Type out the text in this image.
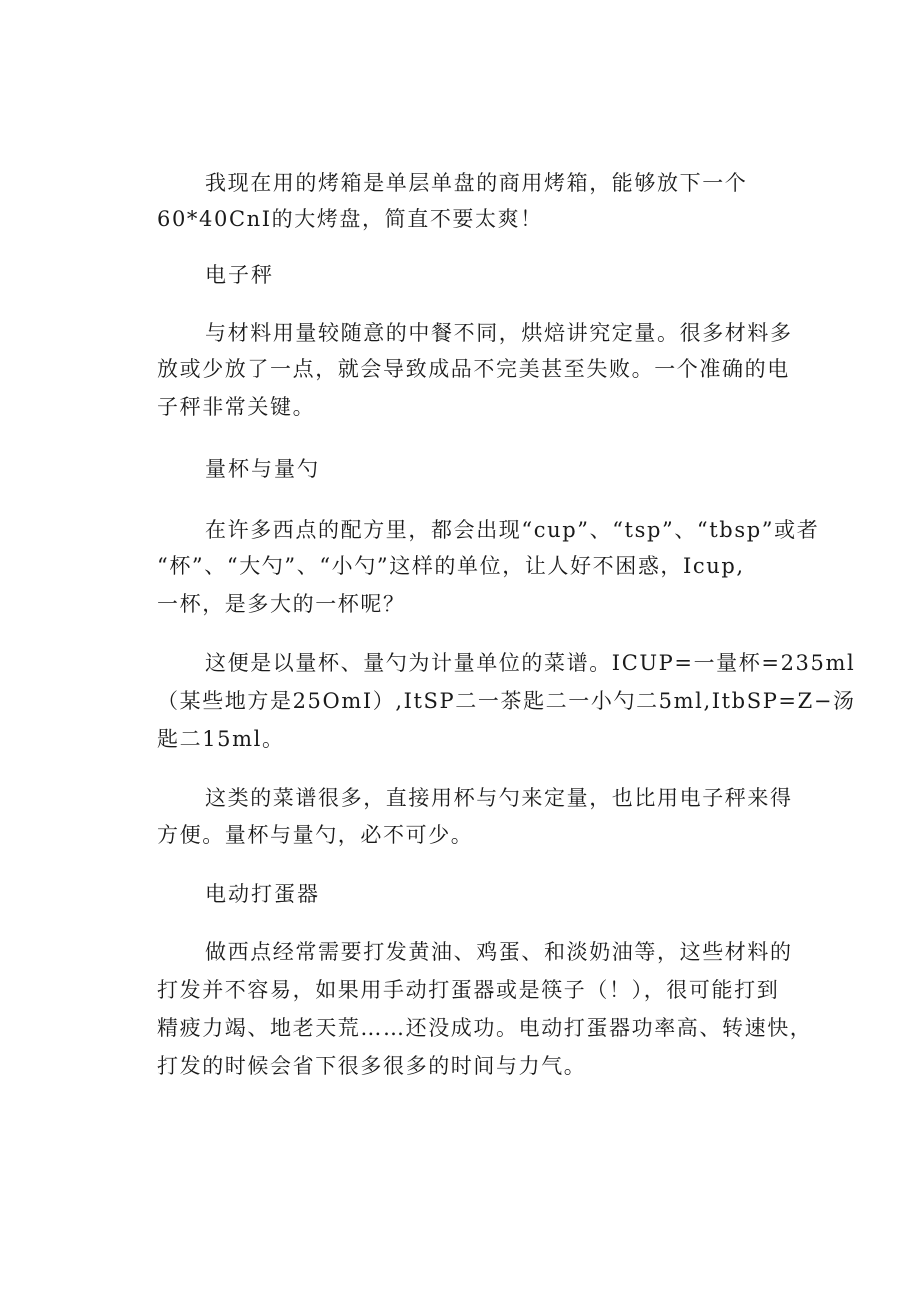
我现在用的烤箱是单层单盘的商用烤箱，能够放下一个
60*40CnI的大烤盘，简直不要太爽！
电子秤
与材料用量较随意的中餐不同，烘焙讲究定量。很多材料多
放或少放了一点，就会导致成品不完美甚至失败。一个准确的电
子秤非常关键。
量杯与量勺
在许多西点的配方里，都会出现“cup”、“tsp”、“tbsp”或者
“杯”、“大勺”、“小勺”这样的单位，让人好不困惑，Icup,
一杯，是多大的一杯呢？
这便是以量杯、量勺为计量单位的菜谱。ICUP=一量杯=235ml
（某些地方是25OmI）,ItSP二一茶匙二一小勺二5ml,ItbSP=Z−汤
匙二15ml。
这类的菜谱很多，直接用杯与勺来定量，也比用电子秤来得
方便。量杯与量勺，必不可少。
电动打蛋器
做西点经常需要打发黄油、鸡蛋、和淡奶油等，这些材料的
打发并不容易，如果用手动打蛋器或是筷子（！），很可能打到
精疲力竭、地老天荒……还没成功。电动打蛋器功率高、转速快，
打发的时候会省下很多很多的时间与力气。
